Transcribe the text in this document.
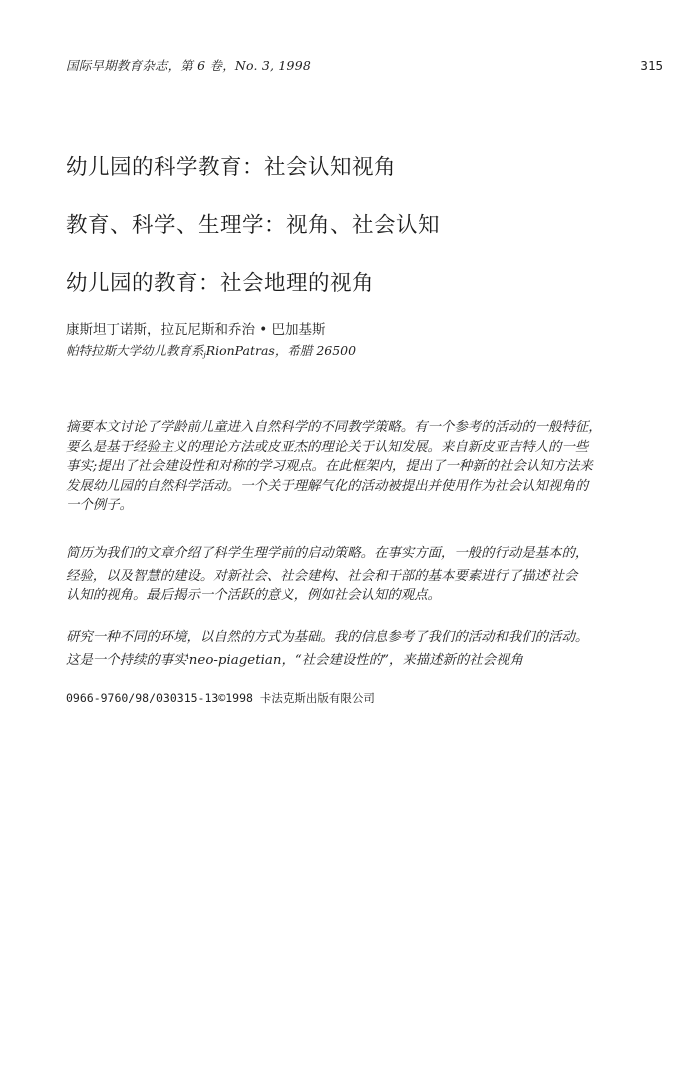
国际早期教育杂志，第 6 卷，No. 3, 1998	315
幼儿园的科学教育：社会认知视角
教育、科学、生理学：视角、社会认知
幼儿园的教育：社会地理的视角
康斯坦丁诺斯，拉瓦尼斯和乔治 • 巴加基斯
帕特拉斯大学幼儿教育系$_j$RionPatras，希腊 26500
摘要本文讨论了学龄前儿童进入自然科学的不同教学策略。有一个参考的活动的一般特征，
要么是基于经验主义的理论方法或皮亚杰的理论关于认知发展。来自新皮亚吉特人的一些
事实;提出了社会建设性和对称的学习观点。在此框架内，提出了一种新的社会认知方法来
发展幼儿园的自然科学活动。一个关于理解气化的活动被提出并使用作为社会认知视角的
一个例子。
简历为我们的文章介绍了科学生理学前的启动策略。在事实方面，一般的行动是基本的，
经验，以及智慧的建设。对新社会、社会建构、社会和干部的基本要素进行了描述$^f$社会
认知的视角。最后揭示一个活跃的意义，例如社会认知的观点。
研究一种不同的环境，以自然的方式为基础。我的信息参考了我们的活动和我们的活动。
这是一个持续的事实$^i$neo-piagetian，“社会建设性的”，来描述新的社会视角
0966-9760/98/030315-13©1998 卡法克斯出版有限公司
